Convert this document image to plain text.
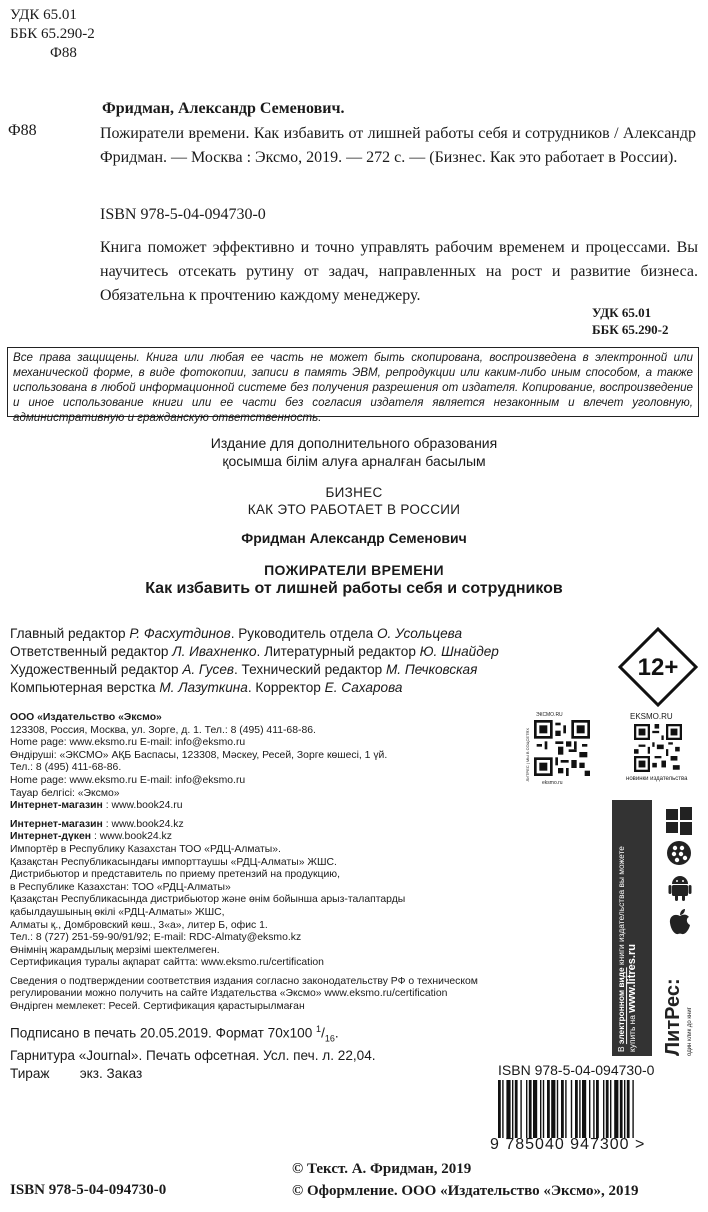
УДК 65.01
ББК 65.290-2
Ф88
Фридман, Александр Семенович.
Ф88	Пожиратели времени. Как избавить от лишней работы себя и сотрудников / Александр Фридман. — Москва : Эксмо, 2019. — 272 с. — (Бизнес. Как это работает в России).

ISBN 978-5-04-094730-0
Книга поможет эффективно и точно управлять рабочим временем и процессами. Вы научитесь отсекать рутину от задач, направленных на рост и развитие бизнеса. Обязательна к прочтению каждому менеджеру.
УДК 65.01
ББК 65.290-2
Все права защищены. Книга или любая ее часть не может быть скопирована, воспроизведена в электронной или механической форме, в виде фотокопии, записи в память ЭВМ, репродукции или каким-либо иным способом, а также использована в любой информационной системе без получения разрешения от издателя. Копирование, воспроизведение и иное использование книги или ее части без согласия издателя является незаконным и влечет уголовную, административную и гражданскую ответственность.
Издание для дополнительного образования
қосымша білім алуға арналған басылым
БИЗНЕС
КАК ЭТО РАБОТАЕТ В РОССИИ
Фридман Александр Семенович
ПОЖИРАТЕЛИ ВРЕМЕНИ
Как избавить от лишней работы себя и сотрудников
Главный редактор Р. Фасхутдинов. Руководитель отдела О. Усольцева
Ответственный редактор Л. Ивахненко. Литературный редактор Ю. Шнайдер
Художественный редактор А. Гусев. Технический редактор М. Печковская
Компьютерная верстка М. Лазуткина. Корректор Е. Сахарова
12+
ООО «Издательство «Эксмо»
123308, Россия, Москва, ул. Зорге, д. 1. Тел.: 8 (495) 411-68-86.
Home page: www.eksmo.ru E-mail: info@eksmo.ru
Өндіруші: «ЭКСМО» АҚБ Баспасы, 123308, Мәскеу, Ресей, Зорге көшесі, 1 үй.
Тел.: 8 (495) 411-68-86.
Home page: www.eksmo.ru E-mail: info@eksmo.ru
Тауар белгісі: «Эксмо»
Интернет-магазин : www.book24.ru
Интернет-магазин : www.book24.kz
Интернет-дүкен : www.book24.kz
Импортёр в Республику Казахстан ТОО «РДЦ-Алматы».
Қазақстан Республикасындағы импорттаушы «РДЦ-Алматы» ЖШС.
Дистрибьютор и представитель по приему претензий на продукцию,
в Республике Казахстан: ТОО «РДЦ-Алматы»
Қазақстан Республикасында дистрибьютор және өнім бойынша арыз-талаптарды
қабылдаушының өкілі «РДЦ-Алматы» ЖШС,
Алматы қ., Домбровский көш., 3«а», литер Б, офис 1.
Тел.: 8 (727) 251-59-90/91/92; E-mail: RDC-Almaty@eksmo.kz
Өнімнің жарамдылық мерзімі шектелмеген.
Сертификация туралы ақпарат сайтта: www.eksmo.ru/certification
Сведения о подтверждении соответствия издания согласно законодательству РФ о техническом
регулировании можно получить на сайте Издательства «Эксмо» www.eksmo.ru/certification
Өндірген мемлекет: Ресей. Сертификация қарастырылмаған
Подписано в печать 20.05.2019. Формат 70х100 $^1/_{16}$.
Гарнитура «Journal». Печать офсетная. Усл. печ. л. 22,04.
Тираж        экз. Заказ
ЭКСМО.RU
ЛИТРЕС | МЫ В СОЦСЕТЯХ
eksmo.ru
EKSMO.RU
новинки издательства
В электронном виде книги издательства вы можете
купить на www.litres.ru
ЛитРес: один клик до книг
ISBN 978-5-04-094730-0
9 785040 947300 >
ISBN 978-5-04-094730-0
© Текст. А. Фридман, 2019
© Оформление. ООО «Издательство «Эксмо», 2019
